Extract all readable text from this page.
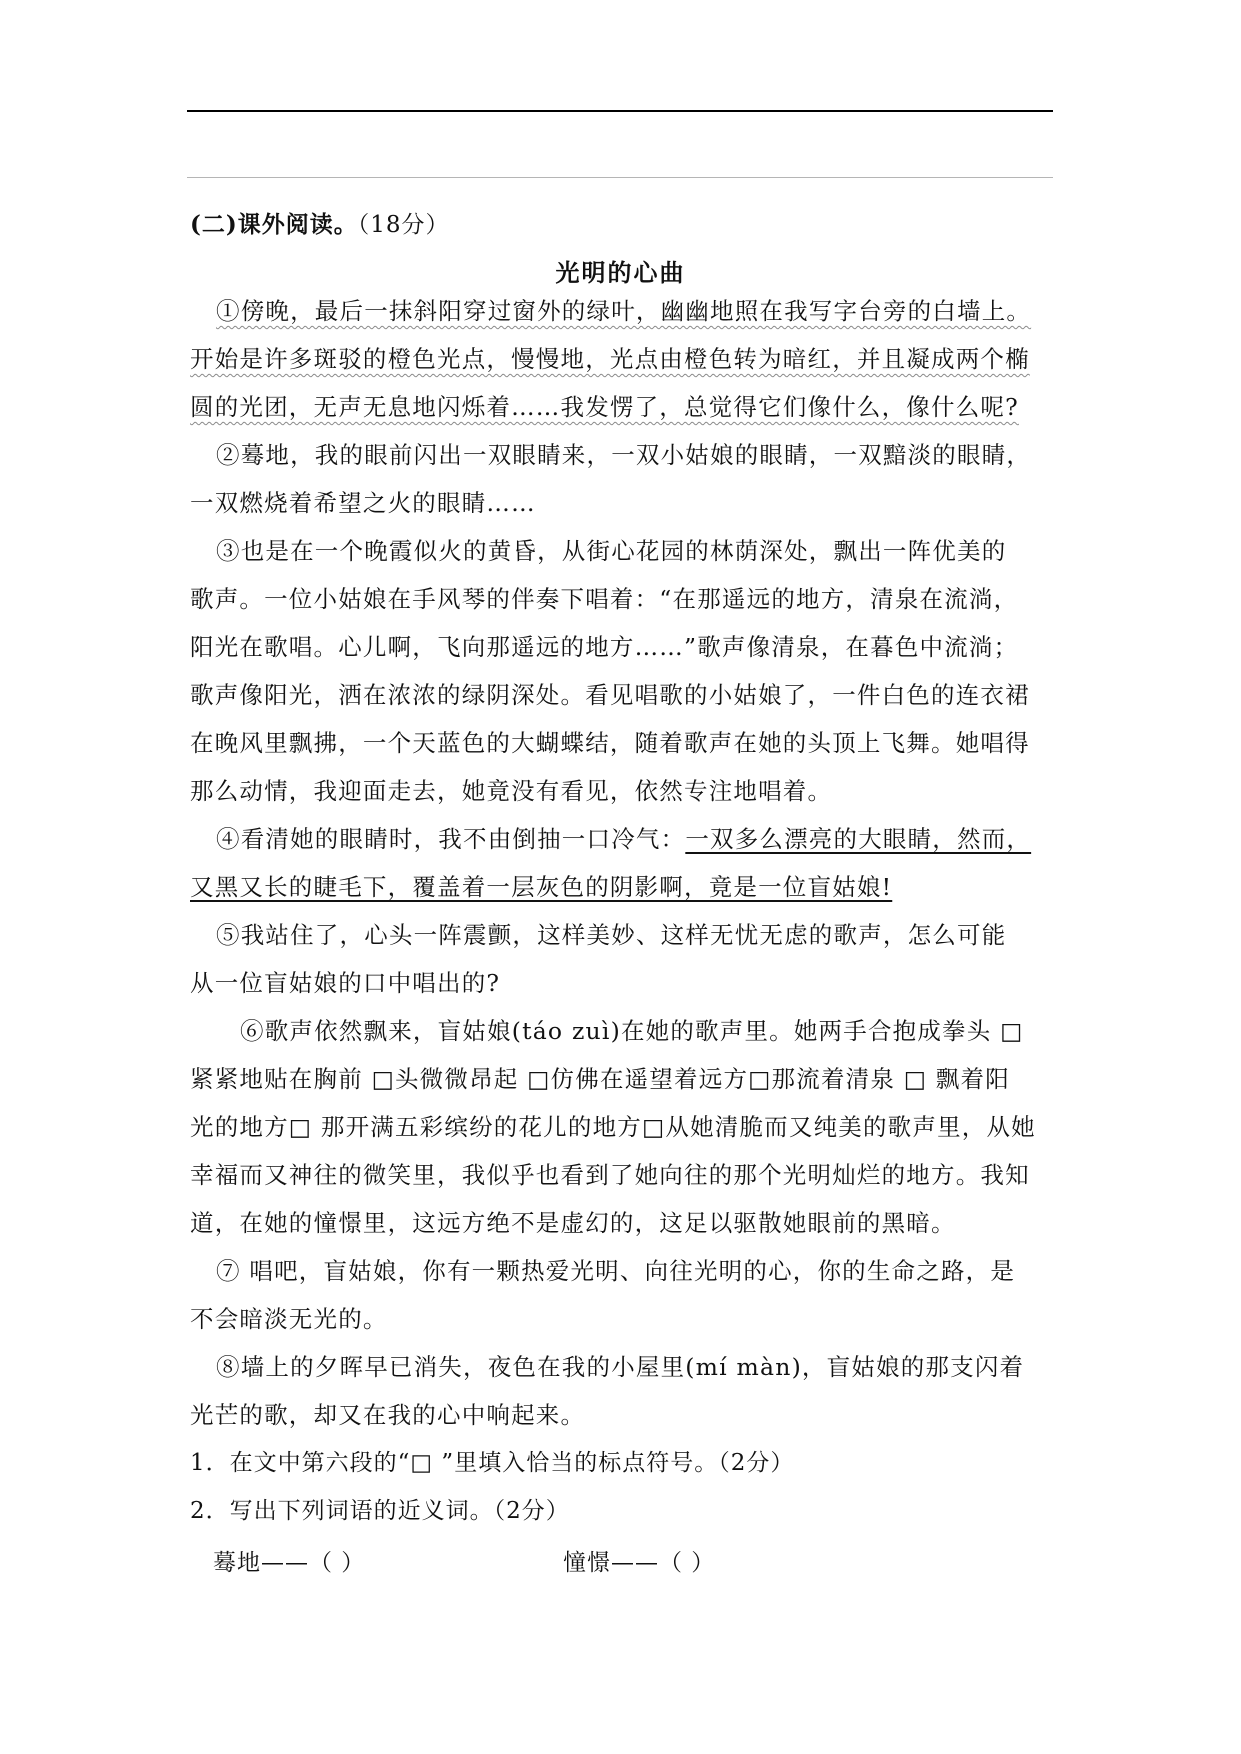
(二)课外阅读。（18分）
光明的心曲
①傍晚，最后一抹斜阳穿过窗外的绿叶，幽幽地照在我写字台旁的白墙上。
开始是许多斑驳的橙色光点，慢慢地，光点由橙色转为暗红，并且凝成两个椭
圆的光团，无声无息地闪烁着……我发愣了，总觉得它们像什么，像什么呢?
②蓦地，我的眼前闪出一双眼睛来，一双小姑娘的眼睛，一双黯淡的眼睛，
一双燃烧着希望之火的眼睛……
③也是在一个晚霞似火的黄昏，从街心花园的林荫深处，飘出一阵优美的
歌声。一位小姑娘在手风琴的伴奏下唱着：“在那遥远的地方，清泉在流淌，
阳光在歌唱。心儿啊，飞向那遥远的地方……”歌声像清泉，在暮色中流淌；
歌声像阳光，洒在浓浓的绿阴深处。看见唱歌的小姑娘了，一件白色的连衣裙
在晚风里飘拂，一个天蓝色的大蝴蝶结，随着歌声在她的头顶上飞舞。她唱得
那么动情，我迎面走去，她竟没有看见，依然专注地唱着。
④看清她的眼睛时，我不由倒抽一口冷气：一双多么漂亮的大眼睛，然而，
又黑又长的睫毛下，覆盖着一层灰色的阴影啊，竟是一位盲姑娘!
⑤我站住了，心头一阵震颤，这样美妙、这样无忧无虑的歌声，怎么可能
从一位盲姑娘的口中唱出的?
⑥歌声依然飘来，盲姑娘(táo zuì)在她的歌声里。她两手合抱成拳头 □
紧紧地贴在胸前 □头微微昂起 □仿佛在遥望着远方□那流着清泉 □ 飘着阳
光的地方□ 那开满五彩缤纷的花儿的地方□从她清脆而又纯美的歌声里，从她
幸福而又神往的微笑里，我似乎也看到了她向往的那个光明灿烂的地方。我知
道，在她的憧憬里，这远方绝不是虚幻的，这足以驱散她眼前的黑暗。
⑦ 唱吧，盲姑娘，你有一颗热爱光明、向往光明的心，你的生命之路，是
不会暗淡无光的。
⑧墙上的夕晖早已消失，夜色在我的小屋里(mí màn)，盲姑娘的那支闪着
光芒的歌，却又在我的心中响起来。
1．在文中第六段的“□ ”里填入恰当的标点符号。（2分）
2．写出下列词语的近义词。（2分）
蓦地——（ ）	憧憬——（ ）
